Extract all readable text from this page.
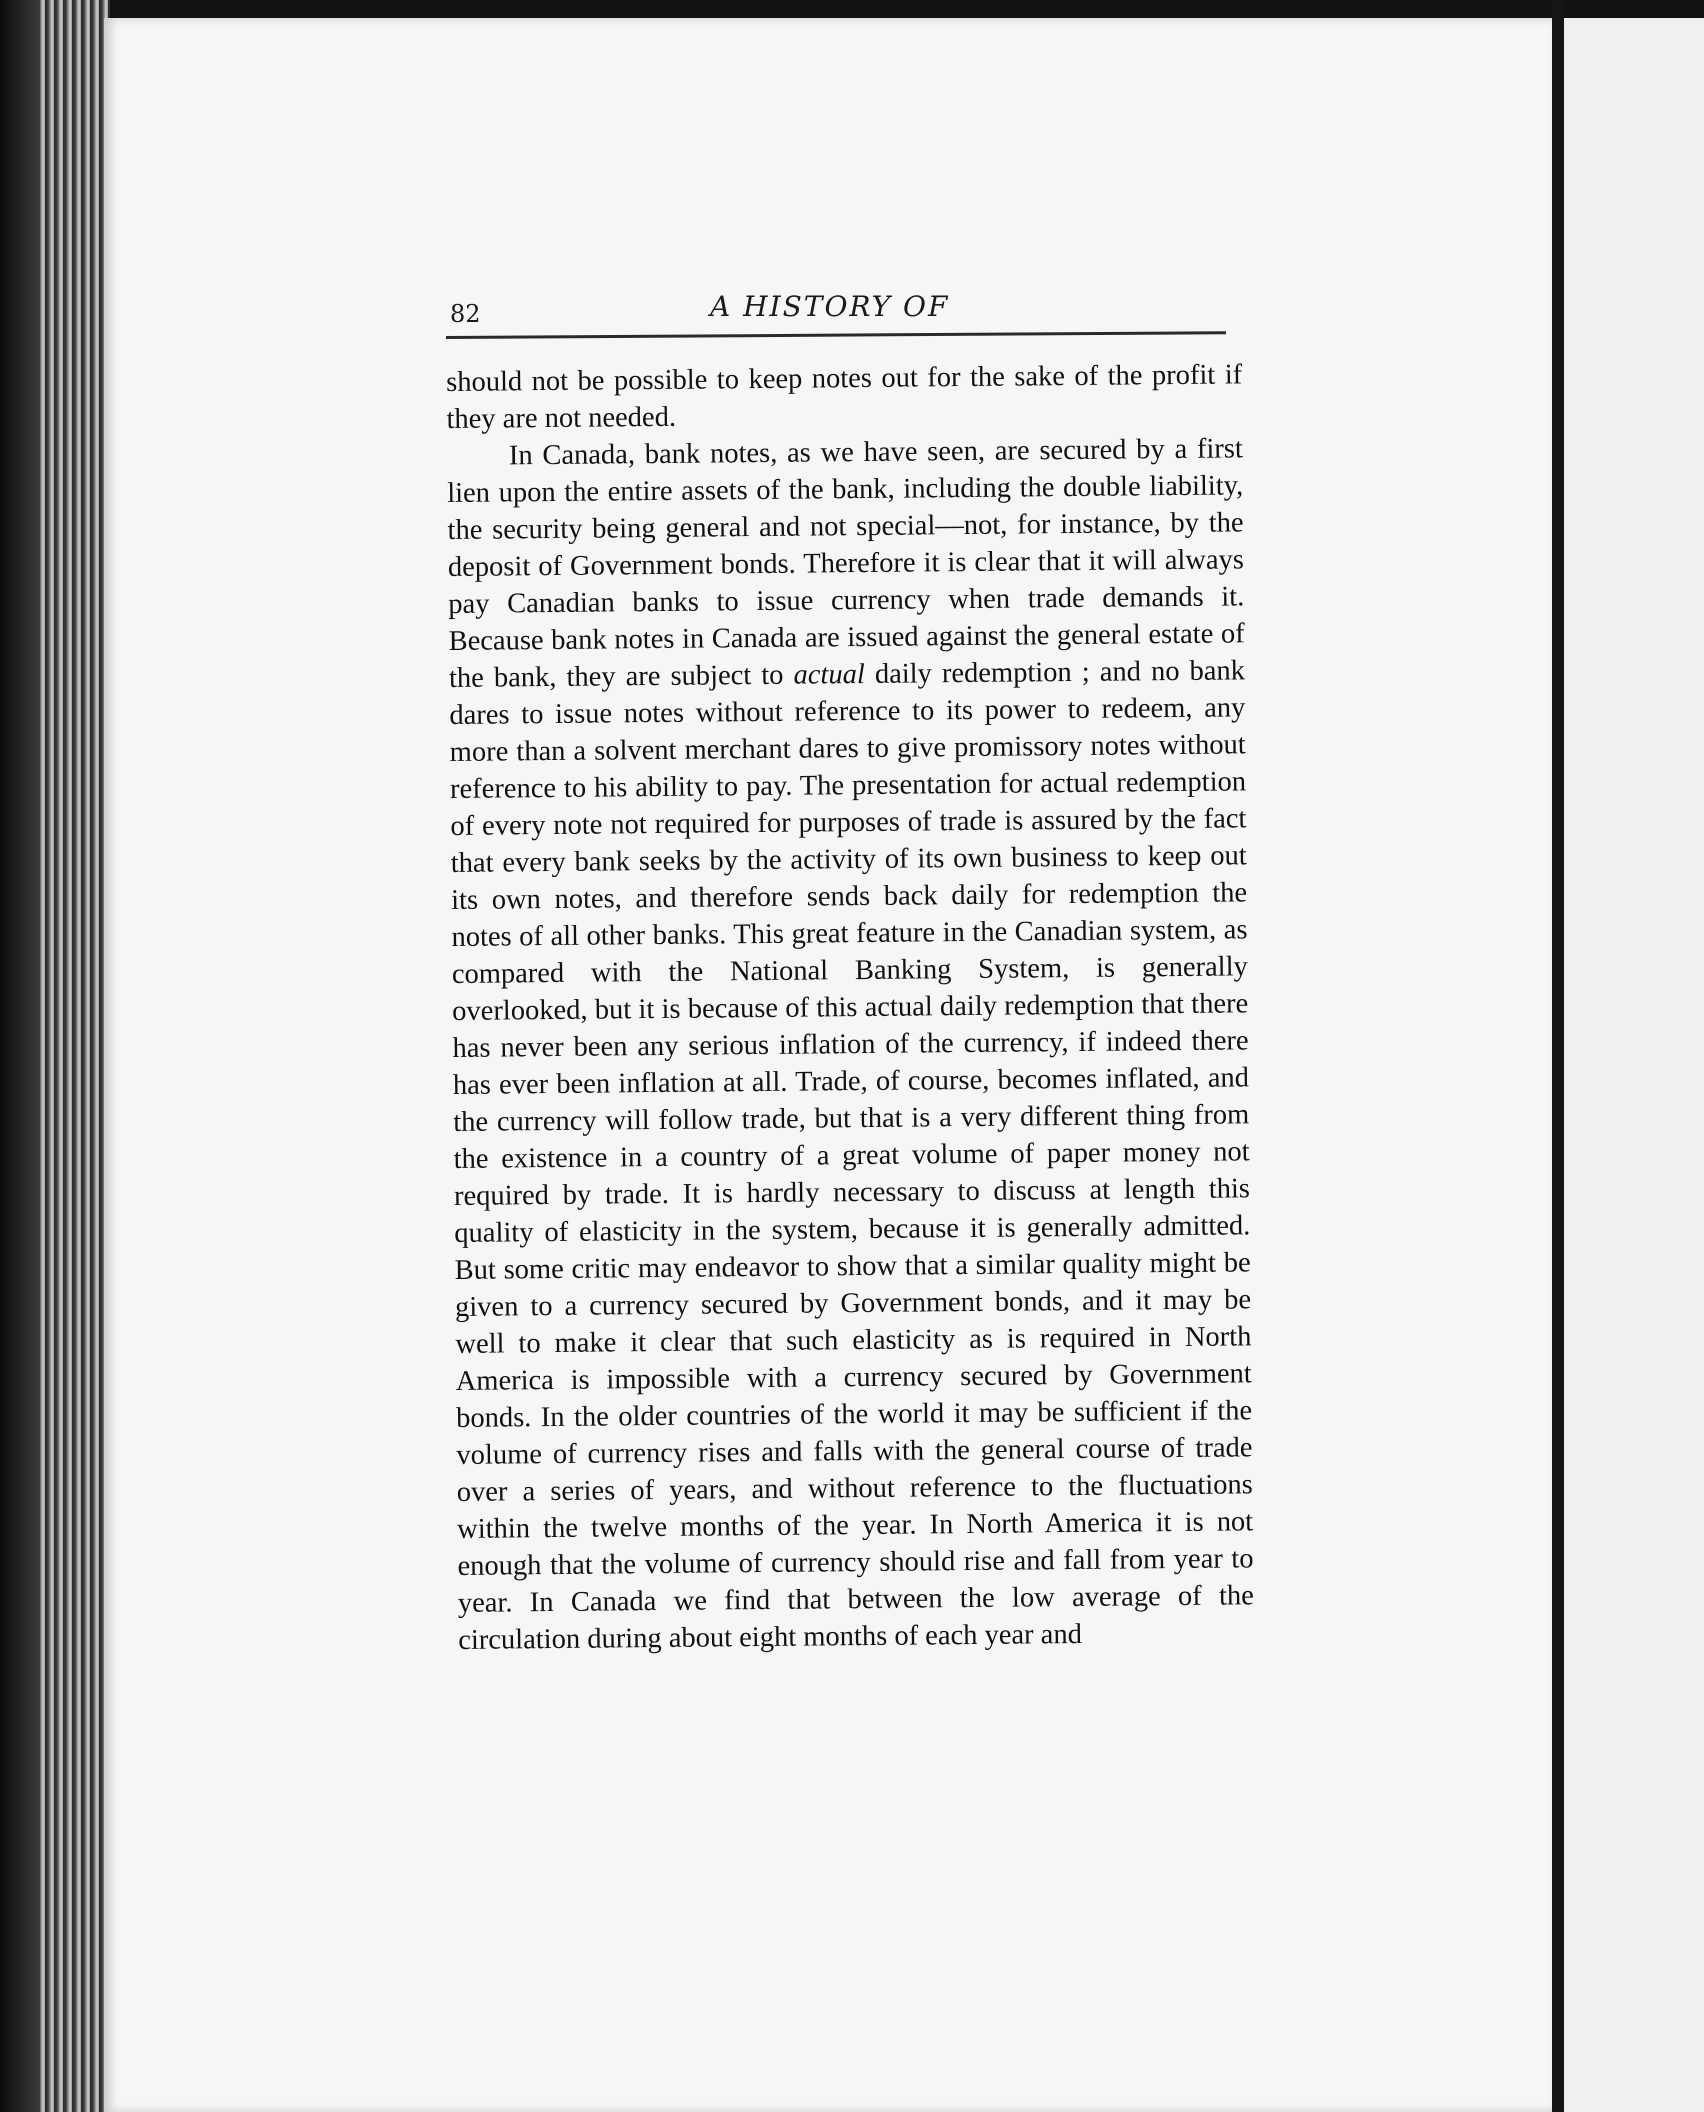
82	A HISTORY OF

should not be possible to keep notes out for the sake of the profit if they are not needed.

In Canada, bank notes, as we have seen, are secured by a first lien upon the entire assets of the bank, including the double liability, the security being general and not special—not, for instance, by the deposit of Government bonds. Therefore it is clear that it will always pay Canadian banks to issue currency when trade demands it. Because bank notes in Canada are issued against the general estate of the bank, they are subject to actual daily redemption ; and no bank dares to issue notes without reference to its power to redeem, any more than a solvent merchant dares to give promissory notes without reference to his ability to pay. The presentation for actual redemption of every note not required for purposes of trade is assured by the fact that every bank seeks by the activity of its own business to keep out its own notes, and therefore sends back daily for redemption the notes of all other banks. This great feature in the Canadian system, as compared with the National Banking System, is generally overlooked, but it is because of this actual daily redemption that there has never been any serious inflation of the currency, if indeed there has ever been inflation at all. Trade, of course, becomes inflated, and the currency will follow trade, but that is a very different thing from the existence in a country of a great volume of paper money not required by trade. It is hardly necessary to discuss at length this quality of elasticity in the system, because it is generally admitted. But some critic may endeavor to show that a similar quality might be given to a currency secured by Government bonds, and it may be well to make it clear that such elasticity as is required in North America is impossible with a currency secured by Government bonds. In the older countries of the world it may be sufficient if the volume of currency rises and falls with the general course of trade over a series of years, and without reference to the fluctuations within the twelve months of the year. In North America it is not enough that the volume of currency should rise and fall from year to year. In Canada we find that between the low average of the circulation during about eight months of each year and
